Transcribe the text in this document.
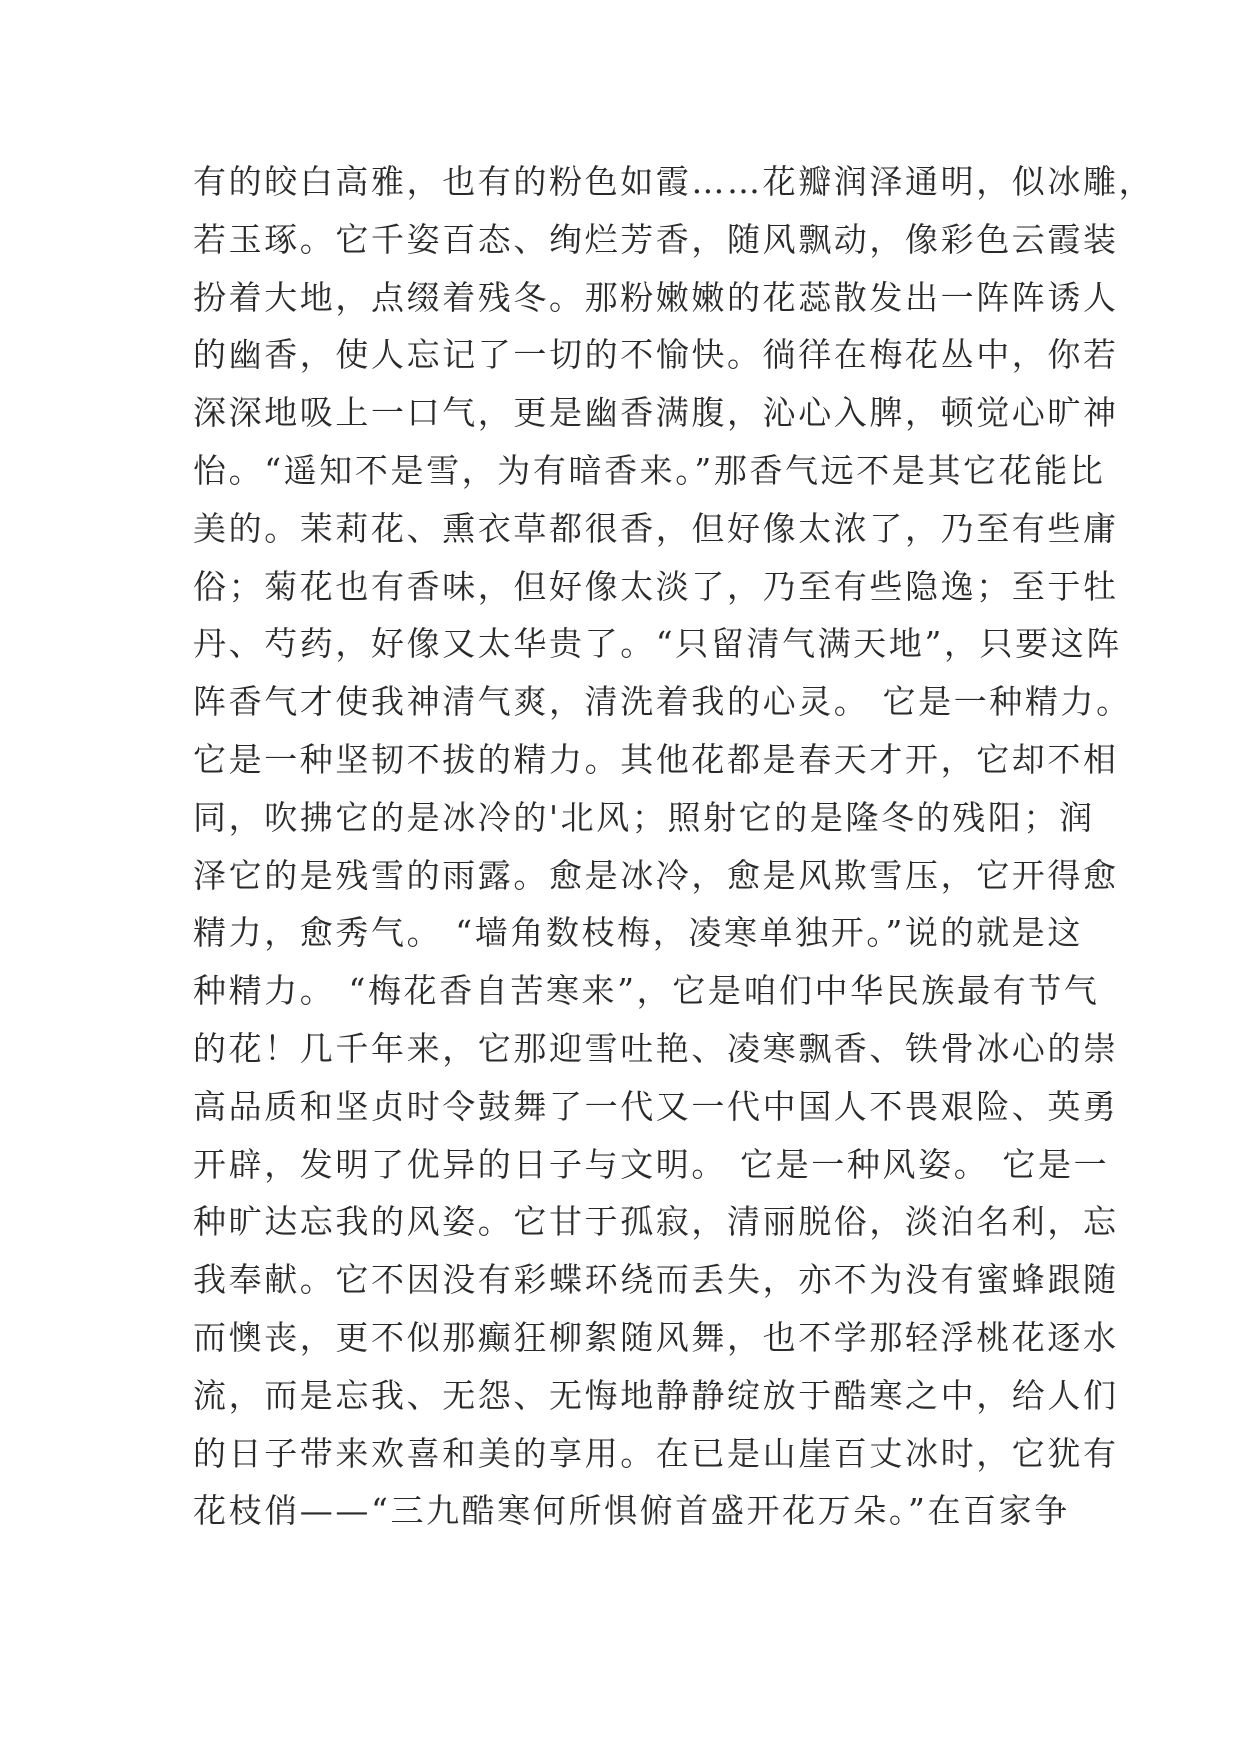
有的皎白高雅，也有的粉色如霞……花瓣润泽通明，似冰雕，
若玉琢。它千姿百态、绚烂芳香，随风飘动，像彩色云霞装
扮着大地，点缀着残冬。那粉嫩嫩的花蕊散发出一阵阵诱人
的幽香，使人忘记了一切的不愉快。徜徉在梅花丛中，你若
深深地吸上一口气，更是幽香满腹，沁心入脾，顿觉心旷神
怡。“遥知不是雪，为有暗香来。”那香气远不是其它花能比
美的。茉莉花、熏衣草都很香，但好像太浓了，乃至有些庸
俗；菊花也有香味，但好像太淡了，乃至有些隐逸；至于牡
丹、芍药，好像又太华贵了。“只留清气满天地”，只要这阵
阵香气才使我神清气爽，清洗着我的心灵。 它是一种精力。
它是一种坚韧不拔的精力。其他花都是春天才开，它却不相
同，吹拂它的是冰冷的'北风；照射它的是隆冬的残阳；润
泽它的是残雪的雨露。愈是冰冷，愈是风欺雪压，它开得愈
精力，愈秀气。 “墙角数枝梅，凌寒单独开。”说的就是这
种精力。 “梅花香自苦寒来”，它是咱们中华民族最有节气
的花！几千年来，它那迎雪吐艳、凌寒飘香、铁骨冰心的崇
高品质和坚贞时令鼓舞了一代又一代中国人不畏艰险、英勇
开辟，发明了优异的日子与文明。 它是一种风姿。 它是一
种旷达忘我的风姿。它甘于孤寂，清丽脱俗，淡泊名利，忘
我奉献。它不因没有彩蝶环绕而丢失，亦不为没有蜜蜂跟随
而懊丧，更不似那癫狂柳絮随风舞，也不学那轻浮桃花逐水
流，而是忘我、无怨、无悔地静静绽放于酷寒之中，给人们
的日子带来欢喜和美的享用。在已是山崖百丈冰时，它犹有
花枝俏——“三九酷寒何所惧俯首盛开花万朵。”在百家争
